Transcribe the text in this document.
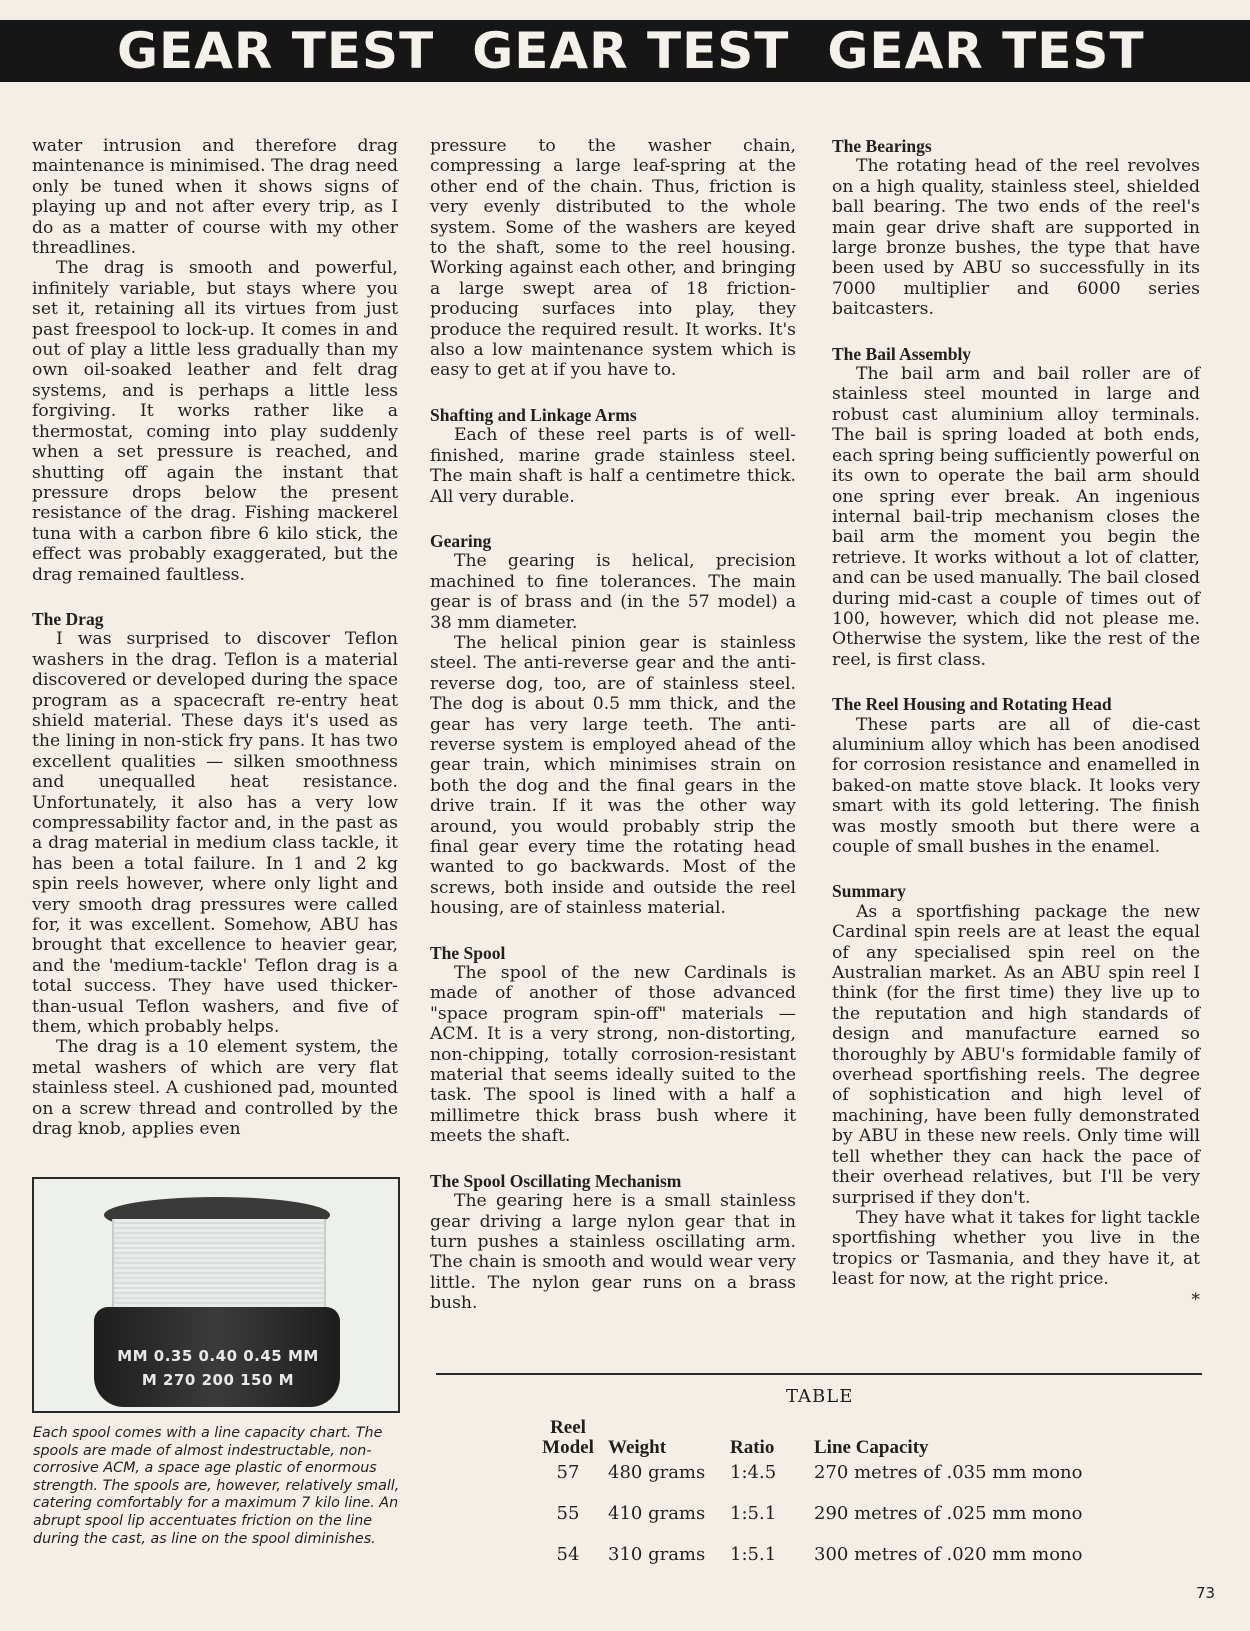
GEAR TEST GEAR TEST GEAR TEST

water intrusion and therefore drag maintenance is minimised. The drag need only be tuned when it shows signs of playing up and not after every trip, as I do as a matter of course with my other threadlines.

The drag is smooth and powerful, infinitely variable, but stays where you set it, retaining all its virtues from just past freespool to lock-up. It comes in and out of play a little less gradually than my own oil-soaked leather and felt drag systems, and is perhaps a little less forgiving. It works rather like a thermostat, coming into play suddenly when a set pressure is reached, and shutting off again the instant that pressure drops below the present resistance of the drag. Fishing mackerel tuna with a carbon fibre 6 kilo stick, the effect was probably exaggerated, but the drag remained faultless.

The Drag

I was surprised to discover Teflon washers in the drag. Teflon is a material discovered or developed during the space program as a spacecraft re-entry heat shield material. These days it's used as the lining in non-stick fry pans. It has two excellent qualities — silken smoothness and unequalled heat resistance. Unfortunately, it also has a very low compressability factor and, in the past as a drag material in medium class tackle, it has been a total failure. In 1 and 2 kg spin reels however, where only light and very smooth drag pressures were called for, it was excellent. Somehow, ABU has brought that excellence to heavier gear, and the 'medium-tackle' Teflon drag is a total success. They have used thicker-than-usual Teflon washers, and five of them, which probably helps.

The drag is a 10 element system, the metal washers of which are very flat stainless steel. A cushioned pad, mounted on a screw thread and controlled by the drag knob, applies even

pressure to the washer chain, compressing a large leaf-spring at the other end of the chain. Thus, friction is very evenly distributed to the whole system. Some of the washers are keyed to the shaft, some to the reel housing. Working against each other, and bringing a large swept area of 18 friction-producing surfaces into play, they produce the required result. It works. It's also a low maintenance system which is easy to get at if you have to.

Shafting and Linkage Arms

Each of these reel parts is of well-finished, marine grade stainless steel. The main shaft is half a centimetre thick. All very durable.

Gearing

The gearing is helical, precision machined to fine tolerances. The main gear is of brass and (in the 57 model) a 38 mm diameter.

The helical pinion gear is stainless steel. The anti-reverse gear and the anti-reverse dog, too, are of stainless steel. The dog is about 0.5 mm thick, and the gear has very large teeth. The anti-reverse system is employed ahead of the gear train, which minimises strain on both the dog and the final gears in the drive train. If it was the other way around, you would probably strip the final gear every time the rotating head wanted to go backwards. Most of the screws, both inside and outside the reel housing, are of stainless material.

The Spool

The spool of the new Cardinals is made of another of those advanced "space program spin-off" materials — ACM. It is a very strong, non-distorting, non-chipping, totally corrosion-resistant material that seems ideally suited to the task. The spool is lined with a half a millimetre thick brass bush where it meets the shaft.

The Spool Oscillating Mechanism

The gearing here is a small stainless gear driving a large nylon gear that in turn pushes a stainless oscillating arm. The chain is smooth and would wear very little. The nylon gear runs on a brass bush.

The Bearings

The rotating head of the reel revolves on a high quality, stainless steel, shielded ball bearing. The two ends of the reel's main gear drive shaft are supported in large bronze bushes, the type that have been used by ABU so successfully in its 7000 multiplier and 6000 series baitcasters.

The Bail Assembly

The bail arm and bail roller are of stainless steel mounted in large and robust cast aluminium alloy terminals. The bail is spring loaded at both ends, each spring being sufficiently powerful on its own to operate the bail arm should one spring ever break. An ingenious internal bail-trip mechanism closes the bail arm the moment you begin the retrieve. It works without a lot of clatter, and can be used manually. The bail closed during mid-cast a couple of times out of 100, however, which did not please me. Otherwise the system, like the rest of the reel, is first class.

The Reel Housing and Rotating Head

These parts are all of die-cast aluminium alloy which has been anodised for corrosion resistance and enamelled in baked-on matte stove black. It looks very smart with its gold lettering. The finish was mostly smooth but there were a couple of small bushes in the enamel.

Summary

As a sportfishing package the new Cardinal spin reels are at least the equal of any specialised spin reel on the Australian market. As an ABU spin reel I think (for the first time) they live up to the reputation and high standards of design and manufacture earned so thoroughly by ABU's formidable family of overhead sportfishing reels. The degree of sophistication and high level of machining, have been fully demonstrated by ABU in these new reels. Only time will tell whether they can hack the pace of their overhead relatives, but I'll be very surprised if they don't.

They have what it takes for light tackle sportfishing whether you live in the tropics or Tasmania, and they have it, at least for now, at the right price.

*
MM 0.35 0.40 0.45 MM
M 270 200 150 M
Each spool comes with a line capacity chart. The spools are made of almost indestructable, non-corrosive ACM, a space age plastic of enormous strength. The spools are, however, relatively small, catering comfortably for a maximum 7 kilo line. An abrupt spool lip accentuates friction on the line during the cast, as line on the spool diminishes.
TABLE
Reel Model	Weight	Ratio	Line Capacity
57	480 grams	1:4.5	270 metres of .035 mm mono
55	410 grams	1:5.1	290 metres of .025 mm mono
54	310 grams	1:5.1	300 metres of .020 mm mono
73
